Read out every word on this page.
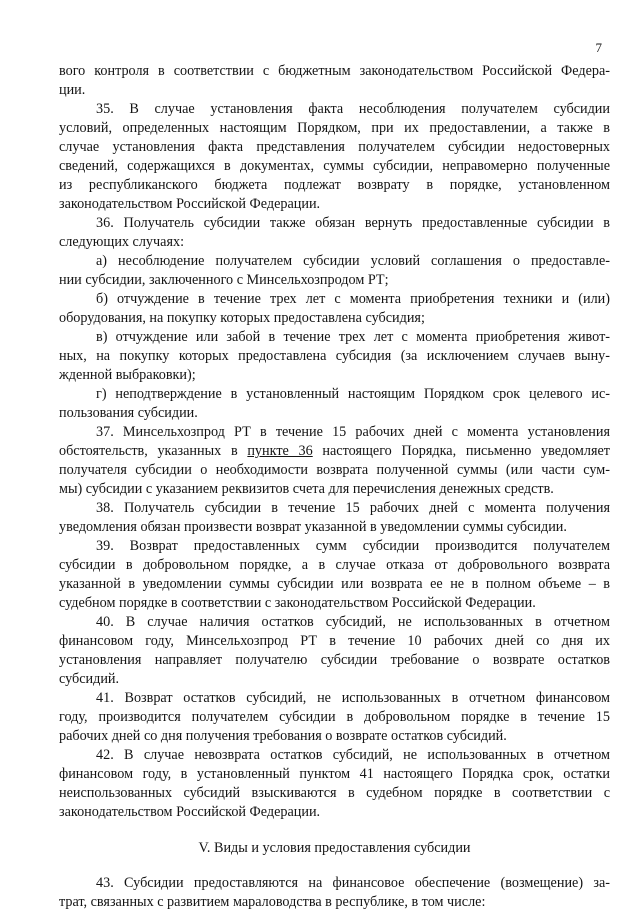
7
вого контроля в соответствии с бюджетным законодательством Российской Федера-
ции.
35. В случае установления факта несоблюдения получателем субсидии
условий, определенных настоящим Порядком, при их предоставлении, а также в
случае установления факта представления получателем субсидии недостоверных
сведений, содержащихся в документах, суммы субсидии, неправомерно полученные
из республиканского бюджета подлежат возврату в порядке, установленном
законодательством Российской Федерации.
36. Получатель субсидии также обязан вернуть предоставленные субсидии в
следующих случаях:
а) несоблюдение получателем субсидии условий соглашения о предоставле-
нии субсидии, заключенного с Минсельхозпродом РТ;
б) отчуждение в течение трех лет с момента приобретения техники и (или)
оборудования, на покупку которых предоставлена субсидия;
в) отчуждение или забой в течение трех лет с момента приобретения живот-
ных, на покупку которых предоставлена субсидия (за исключением случаев выну-
жденной выбраковки);
г) неподтверждение в установленный настоящим Порядком срок целевого ис-
пользования субсидии.
37. Минсельхозпрод РТ в течение 15 рабочих дней с момента установления
обстоятельств, указанных в пункте 36 настоящего Порядка, письменно уведомляет
получателя субсидии о необходимости возврата полученной суммы (или части сум-
мы) субсидии с указанием реквизитов счета для перечисления денежных средств.
38. Получатель субсидии в течение 15 рабочих дней с момента получения
уведомления обязан произвести возврат указанной в уведомлении суммы субсидии.
39. Возврат предоставленных сумм субсидии производится получателем
субсидии в добровольном порядке, а в случае отказа от добровольного возврата
указанной в уведомлении суммы субсидии или возврата ее не в полном объеме – в
судебном порядке в соответствии с законодательством Российской Федерации.
40. В случае наличия остатков субсидий, не использованных в отчетном
финансовом году, Минсельхозпрод РТ в течение 10 рабочих дней со дня их
установления направляет получателю субсидии требование о возврате остатков
субсидий.
41. Возврат остатков субсидий, не использованных в отчетном финансовом
году, производится получателем субсидии в добровольном порядке в течение 15
рабочих дней со дня получения требования о возврате остатков субсидий.
42. В случае невозврата остатков субсидий, не использованных в отчетном
финансовом году, в установленный пунктом 41 настоящего Порядка срок, остатки
неиспользованных субсидий взыскиваются в судебном порядке в соответствии с
законодательством Российской Федерации.
V. Виды и условия предоставления субсидии
43. Субсидии предоставляются на финансовое обеспечение (возмещение) за-
трат, связанных с развитием мараловодства в республике, в том числе:
